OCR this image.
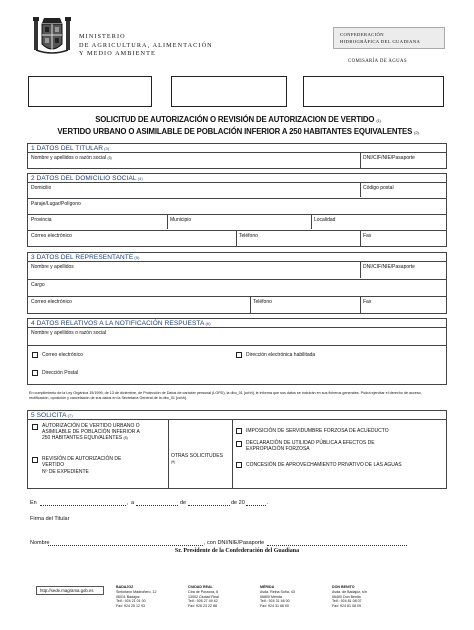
MINISTERIO
DE AGRICULTURA, ALIMENTACIÓN
Y MEDIO AMBIENTE
CONFEDERACIÓN
HIDROGRÁFICA DEL GUADIANA
COMISARÍA DE AGUAS
SOLICITUD DE AUTORIZACIÓN O REVISIÓN DE AUTORIZACION DE VERTIDO (1)
VERTIDO URBANO O ASIMILABLE DE POBLACIÓN INFERIOR A 250 HABITANTES EQUIVALENTES (2)
1 DATOS DEL TITULAR(3)
Nombre y apellidos o razón social (3)	DNI/CIF/NIE/Pasaporte
2 DATOS DEL DOMICILIO SOCIAL(4)
Domicilio	Código postal
Paraje/Lugar/Polígono
Provincia	Municipio	Localidad
Correo electrónico	Teléfono	Fax
3 DATOS DEL REPRESENTANTE(5)
Nombre y apellidos	DNI/CIF/NIE/Pasaporte
Cargo
Correo electrónico	Teléfono	Fax
4 DATOS RELATIVOS A LA NOTIFICACIÓN RESPUESTA(6)
Nombre y apellidos o razón social
Correo electrónico	Dirección electrónica habilitada
Dirección Postal
En cumplimiento de la Ley Orgánica 15/1999, de 13 de diciembre, de Protección de Datos de carácter personal (LOPD), la dbo_01 [cchh], le informa que sus datos se incluirán en sus ficheros generales. Podrá ejercitar el derecho de acceso, rectificación, oposición y cancelación de sus datos en la Secretaría General de la dbo_01 [cchh].
5 SOLICITA(7)
AUTORIZACIÓN DE VERTIDO URBANO O
ASIMILABLE DE POBLACIÓN INFERIOR A
250 HABITANTES EQUIVALENTES (8)
REVISIÓN DE AUTORIZACIÓN DE
VERTIDO
Nº DE EXPEDIENTE
OTRAS SOLICITUDES
(9)
IMPOSICIÓN DE SERVIDUMBRE FORZOSA DE ACUEDUCTO
DECLARACIÓN DE UTILIDAD PÚBLICA A EFECTOS DE
EXPROPIACIÓN FORZOSA
CONCESIÓN DE APROVECHAMIENTO PRIVATIVO DE LAS AGUAS
En	, a	de	de 20	.
Firma del Titular
Nombre	, con DNI/NIE/Pasaporte
Sr. Presidente de la Confederación del Guadiana
http://sede.magrama.gob.es
BADAJOZ
Sinforiano Madroñero, 12
06011 Badajoz
Telf.: 924 21 01 00
Fax: 924 25 12 93
CIUDAD REAL
Ctra de Porzuna, 6
13002 Ciudad Real
Telf.: 926 27 49 42
Fax: 926 23 22 88
MÉRIDA
Avda. Reina Sofía, 43
06800 Mérida
Telf.: 924 31 46 00
Fax: 924 31 66 00
DON BENITO
Avda. de Badajoz, s/n
06400 Don Benito
Telf.: 924 81 08 07
Fax: 924 81 08 09
